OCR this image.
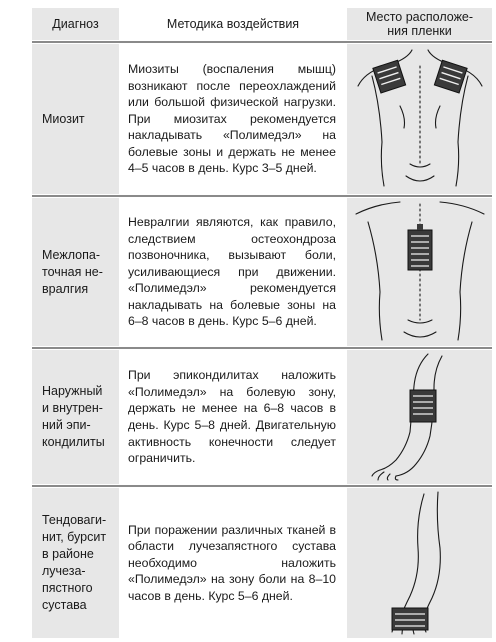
Диагноз	Методика воздействия	Место расположе-
ния пленки
Миозит

Миозиты (воспаления мышц) возникают после переохлаждений или большой физической нагрузки. При миозитах рекомендуется накладывать «Полимедэл» на болевые зоны и держать не менее 4–5 часов в день. Курс 3–5 дней.

Межлопа-
точная не-
вралгия

Невралгии являются, как правило, следствием остеохондроза позвоночника, вызывают боли, усиливающиеся при движении. «Полимедэл» рекомендуется накладывать на болевые зоны на 6–8 часов в день. Курс 5–6 дней.

Наружный
и внутрен-
ний эпи-
кондилиты

При эпикондилитах наложить «Полимедэл» на болевую зону, держать не менее на 6–8 часов в день. Курс 5–8 дней. Двигательную активность конечности следует ограничить.

Тендоваги-
нит, бурсит
в районе
лучеза-
пястного
сустава

При поражении различных тканей в области лучезапястного сустава необходимо наложить «Полимедэл» на зону боли на 8–10 часов в день. Курс 5–6 дней.
